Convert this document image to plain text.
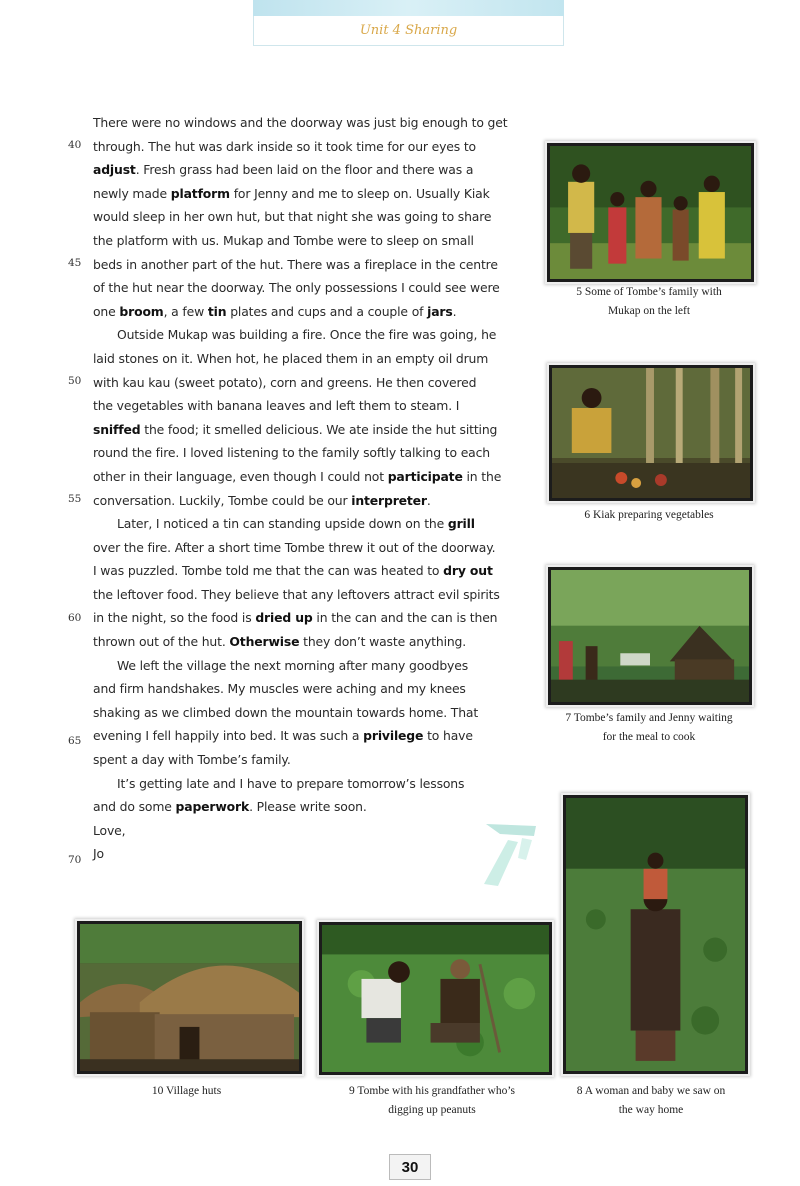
Unit 4 Sharing
40
45
50
55
60
65
70
There were no windows and the doorway was just big enough to get
through. The hut was dark inside so it took time for our eyes to
adjust. Fresh grass had been laid on the floor and there was a
newly made platform for Jenny and me to sleep on. Usually Kiak
would sleep in her own hut, but that night she was going to share
the platform with us. Mukap and Tombe were to sleep on small
beds in another part of the hut. There was a fireplace in the centre
of the hut near the doorway. The only possessions I could see were
one broom, a few tin plates and cups and a couple of jars.
Outside Mukap was building a fire. Once the fire was going, he
laid stones on it. When hot, he placed them in an empty oil drum
with kau kau (sweet potato), corn and greens. He then covered
the vegetables with banana leaves and left them to steam. I
sniffed the food; it smelled delicious. We ate inside the hut sitting
round the fire. I loved listening to the family softly talking to each
other in their language, even though I could not participate in the
conversation. Luckily, Tombe could be our interpreter.
Later, I noticed a tin can standing upside down on the grill
over the fire. After a short time Tombe threw it out of the doorway.
I was puzzled. Tombe told me that the can was heated to dry out
the leftover food. They believe that any leftovers attract evil spirits
in the night, so the food is dried up in the can and the can is then
thrown out of the hut. Otherwise they don’t waste anything.
We left the village the next morning after many goodbyes
and firm handshakes. My muscles were aching and my knees
shaking as we climbed down the mountain towards home. That
evening I fell happily into bed. It was such a privilege to have
spent a day with Tombe’s family.
It’s getting late and I have to prepare tomorrow’s lessons
and do some paperwork. Please write soon.
Love,
Jo
5 Some of Tombe’s family with
Mukap on the left
6 Kiak preparing vegetables
7 Tombe’s family and Jenny waiting
for the meal to cook
8 A woman and baby we saw on
the way home
9 Tombe with his grandfather who’s
digging up peanuts
10 Village huts
30
